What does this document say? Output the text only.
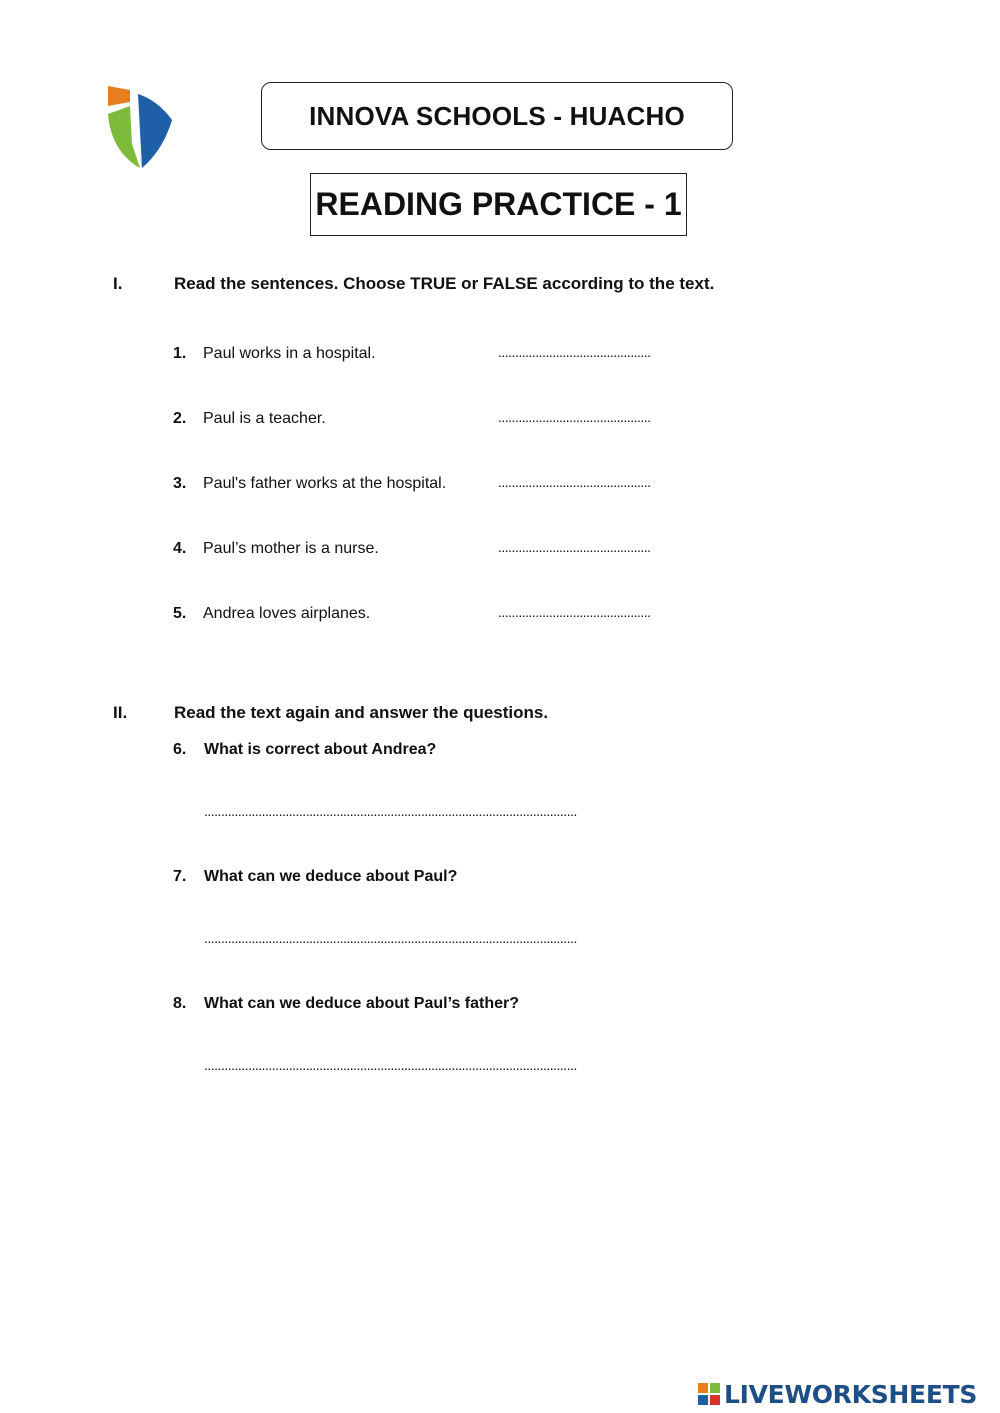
INNOVA SCHOOLS - HUACHO
READING PRACTICE - 1
I.	Read the sentences. Choose TRUE or FALSE according to the text.
1. Paul works in a hospital.	.............................................
2. Paul is a teacher.	.............................................
3. Paul's father works at the hospital.	.............................................
4. Paul’s mother is a nurse.	.............................................
5. Andrea loves airplanes.	.............................................
II.	Read the text again and answer the questions.
6. What is correct about Andrea?
..............................................................................................................
7. What can we deduce about Paul?
..............................................................................................................
8. What can we deduce about Paul’s father?
..............................................................................................................
LIVEWORKSHEETS
